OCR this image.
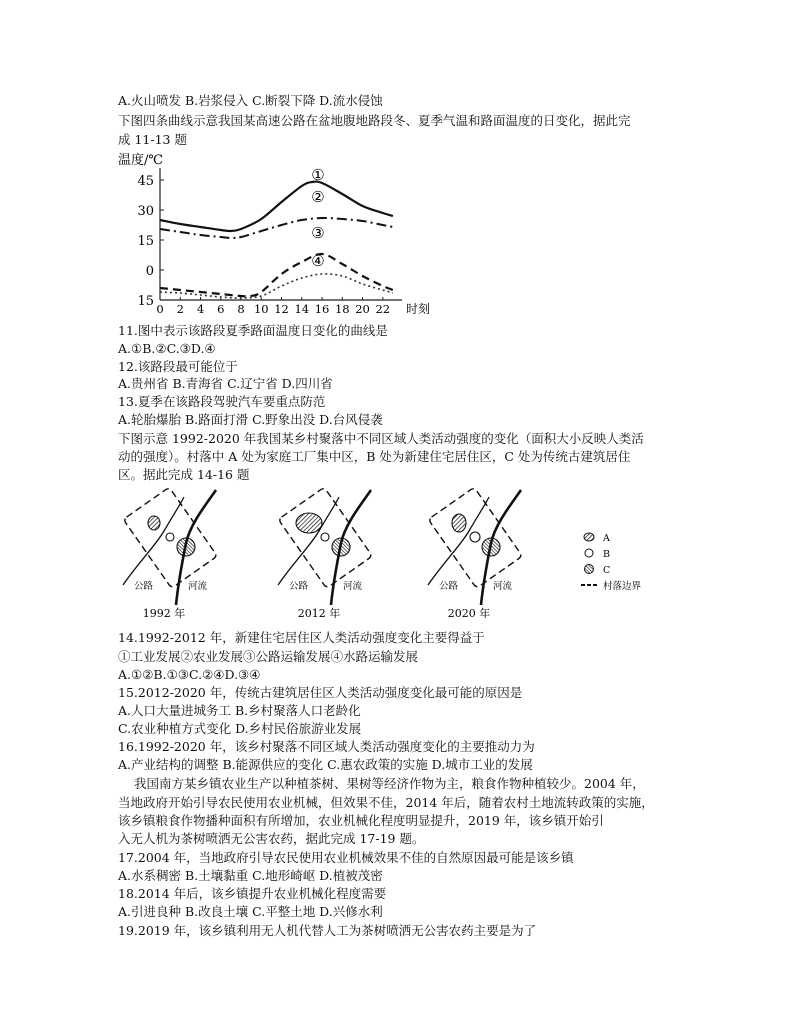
A.火山喷发 B.岩浆侵入 C.断裂下降 D.流水侵蚀
下图四条曲线示意我国某高速公路在盆地腹地路段冬、夏季气温和路面温度的日变化，据此完
成 11-13 题
温度/℃
时刻
45
30
15
0
15 0 2 4 6 8 10 12 14 16 18 20 22
①
②
③
④
11.图中表示该路段夏季路面温度日变化的曲线是
A.①B.②C.③D.④
12.该路段最可能位于
A.贵州省 B.青海省 C.辽宁省 D.四川省
13.夏季在该路段驾驶汽车要重点防范
A.轮胎爆胎 B.路面打滑 C.野象出没 D.台风侵袭
下图示意 1992-2020 年我国某乡村聚落中不同区域人类活动强度的变化（面积大小反映人类活
动的强度）。村落中 A 处为家庭工厂集中区，B 处为新建住宅居住区，C 处为传统古建筑居住
区。据此完成 14-16 题
公路	河流
1992 年
公路	河流
2012 年
公路	河流
2020 年
A
B
C
村落边界
14.1992-2012 年，新建住宅居住区人类活动强度变化主要得益于
①工业发展②农业发展③公路运输发展④水路运输发展
A.①②B.①③C.②④D.③④
15.2012-2020 年，传统古建筑居住区人类活动强度变化最可能的原因是
A.人口大量进城务工 B.乡村聚落人口老龄化
C.农业种植方式变化 D.乡村民俗旅游业发展
16.1992-2020 年，该乡村聚落不同区域人类活动强度变化的主要推动力为
A.产业结构的调整 B.能源供应的变化 C.惠农政策的实施 D.城市工业的发展
我国南方某乡镇农业生产以种植茶树、果树等经济作物为主，粮食作物种植较少。2004 年，
当地政府开始引导农民使用农业机械，但效果不佳，2014 年后，随着农村土地流转政策的实施，
该乡镇粮食作物播种面积有所增加，农业机械化程度明显提升，2019 年，该乡镇开始引
入无人机为茶树喷洒无公害农药，据此完成 17-19 题。
17.2004 年，当地政府引导农民使用农业机械效果不佳的自然原因最可能是该乡镇
A.水系稠密 B.土壤黏重 C.地形崎岖 D.植被茂密
18.2014 年后，该乡镇提升农业机械化程度需要
A.引进良种 B.改良土壤 C.平整土地 D.兴修水利
19.2019 年，该乡镇利用无人机代替人工为茶树喷洒无公害农药主要是为了
